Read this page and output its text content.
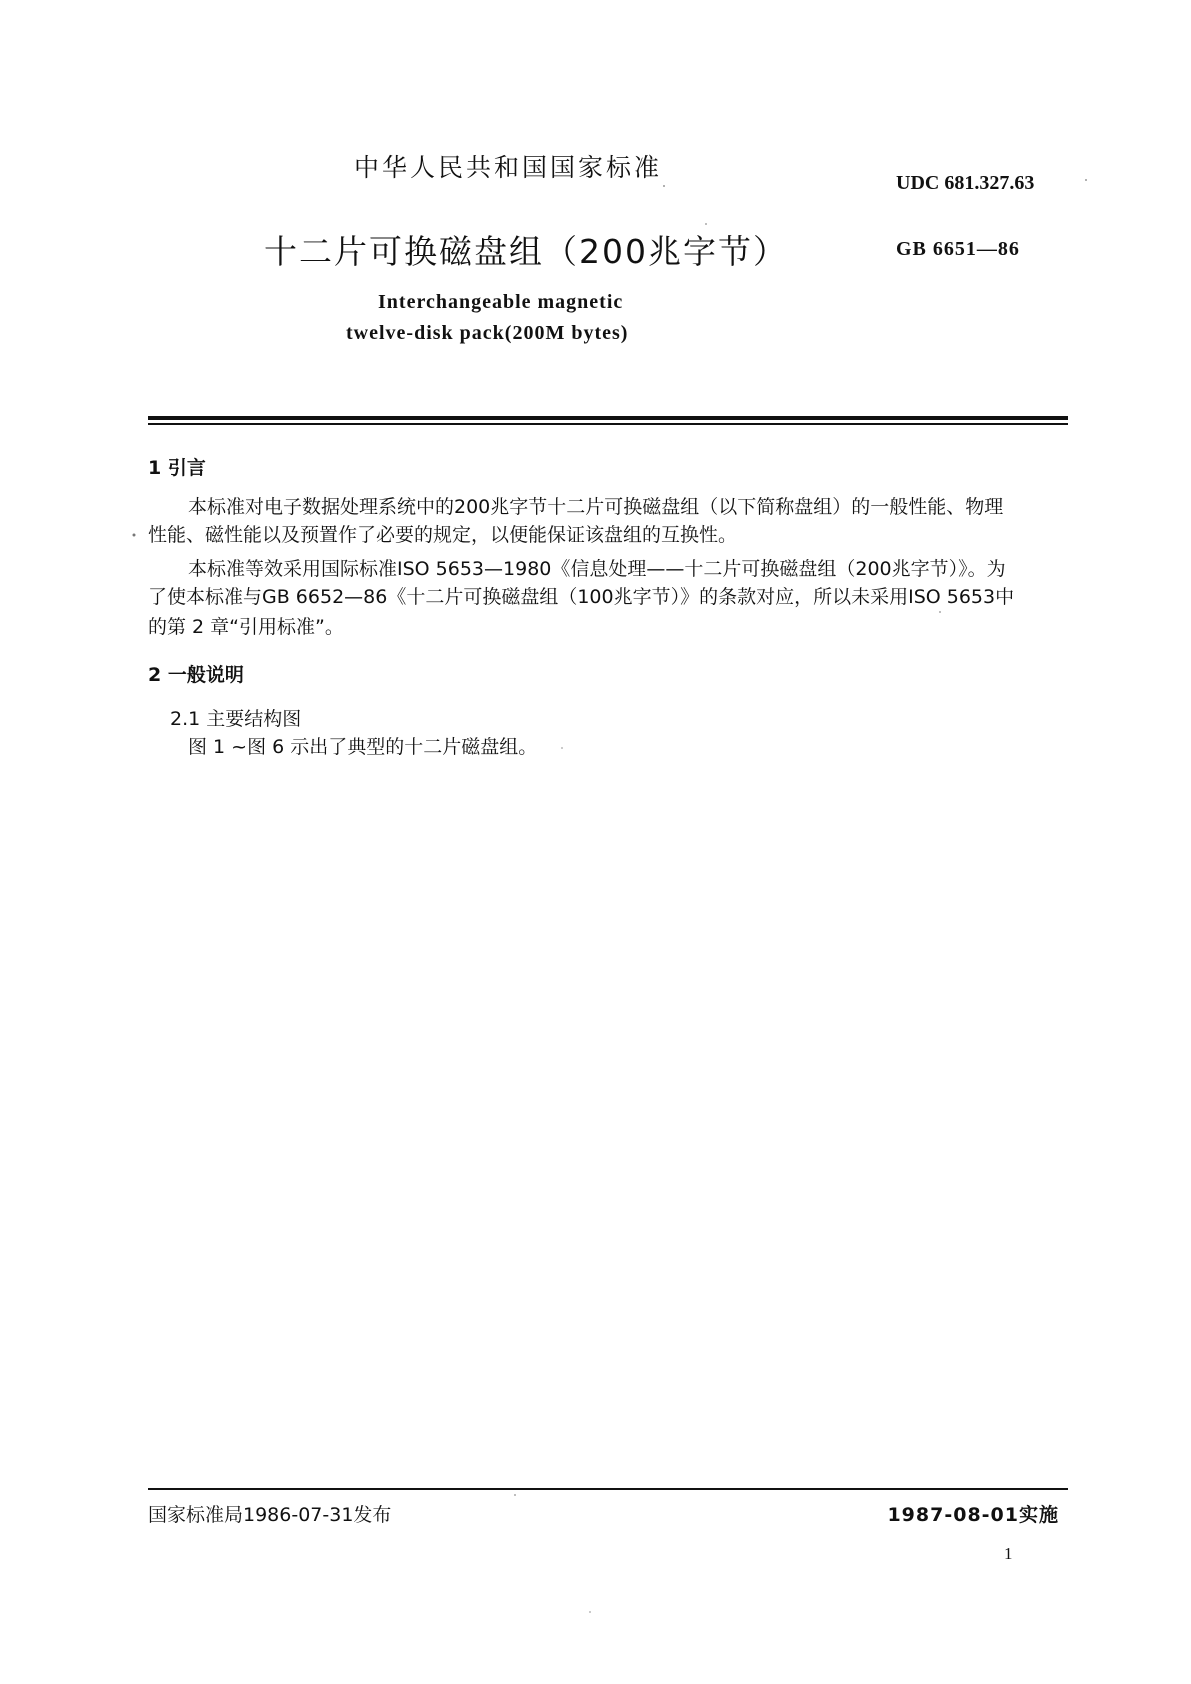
中华人民共和国国家标准
UDC 681.327.63
十二片可换磁盘组（200兆字节）	GB 6651—86
Interchangeable magnetic
twelve-disk pack(200M bytes)
1 引言
本标准对电子数据处理系统中的200兆字节十二片可换磁盘组（以下简称盘组）的一般性能、物理
性能、磁性能以及预置作了必要的规定，以便能保证该盘组的互换性。
本标准等效采用国际标准ISO 5653—1980《信息处理——十二片可换磁盘组（200兆字节）》。为
了使本标准与GB 6652—86《十二片可换磁盘组（100兆字节）》的条款对应，所以未采用ISO 5653中
的第 2 章“引用标准”。
2 一般说明
2.1 主要结构图
图 1 ~图 6 示出了典型的十二片磁盘组。
国家标准局1986-07-31发布	1987-08-01实施
1
